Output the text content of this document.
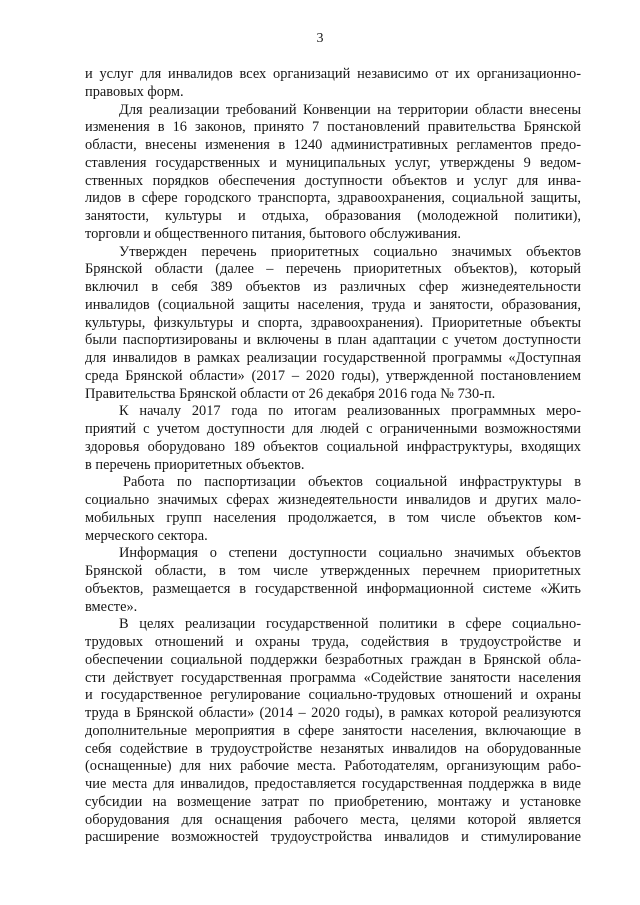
3
и услуг для инвалидов всех организаций независимо от их организационно-
правовых форм.
Для реализации требований Конвенции на территории области внесены
изменения в 16 законов, принято 7 постановлений правительства Брянской
области, внесены изменения в 1240 административных регламентов предо-
ставления государственных и муниципальных услуг, утверждены 9 ведом-
ственных порядков обеспечения доступности объектов и услуг для инва-
лидов в сфере городского транспорта, здравоохранения, социальной защиты,
занятости, культуры и отдыха, образования (молодежной политики),
торговли и общественного питания, бытового обслуживания.
Утвержден перечень приоритетных социально значимых объектов
Брянской области (далее – перечень приоритетных объектов), который
включил в себя 389 объектов из различных сфер жизнедеятельности
инвалидов (социальной защиты населения, труда и занятости, образования,
культуры, физкультуры и спорта, здравоохранения). Приоритетные объекты
были паспортизированы и включены в план адаптации с учетом доступности
для инвалидов в рамках реализации государственной программы «Доступная
среда Брянской области» (2017 – 2020 годы), утвержденной постановлением
Правительства Брянской области от 26 декабря 2016 года № 730-п.
К началу 2017 года по итогам реализованных программных меро-
приятий с учетом доступности для людей с ограниченными возможностями
здоровья оборудовано 189 объектов социальной инфраструктуры, входящих
в перечень приоритетных объектов.
Работа по паспортизации объектов социальной инфраструктуры в
социально значимых сферах жизнедеятельности инвалидов и других мало-
мобильных групп населения продолжается, в том числе объектов ком-
мерческого сектора.
Информация о степени доступности социально значимых объектов
Брянской области, в том числе утвержденных перечнем приоритетных
объектов, размещается в государственной информационной системе «Жить
вместе».
В целях реализации государственной политики в сфере социально-
трудовых отношений и охраны труда, содействия в трудоустройстве и
обеспечении социальной поддержки безработных граждан в Брянской обла-
сти действует государственная программа «Содействие занятости населения
и государственное регулирование социально-трудовых отношений и охраны
труда в Брянской области» (2014 – 2020 годы), в рамках которой реализуются
дополнительные мероприятия в сфере занятости населения, включающие в
себя содействие в трудоустройстве незанятых инвалидов на оборудованные
(оснащенные) для них рабочие места. Работодателям, организующим рабо-
чие места для инвалидов, предоставляется государственная поддержка в виде
субсидии на возмещение затрат по приобретению, монтажу и установке
оборудования для оснащения рабочего места, целями которой является
расширение возможностей трудоустройства инвалидов и стимулирование
